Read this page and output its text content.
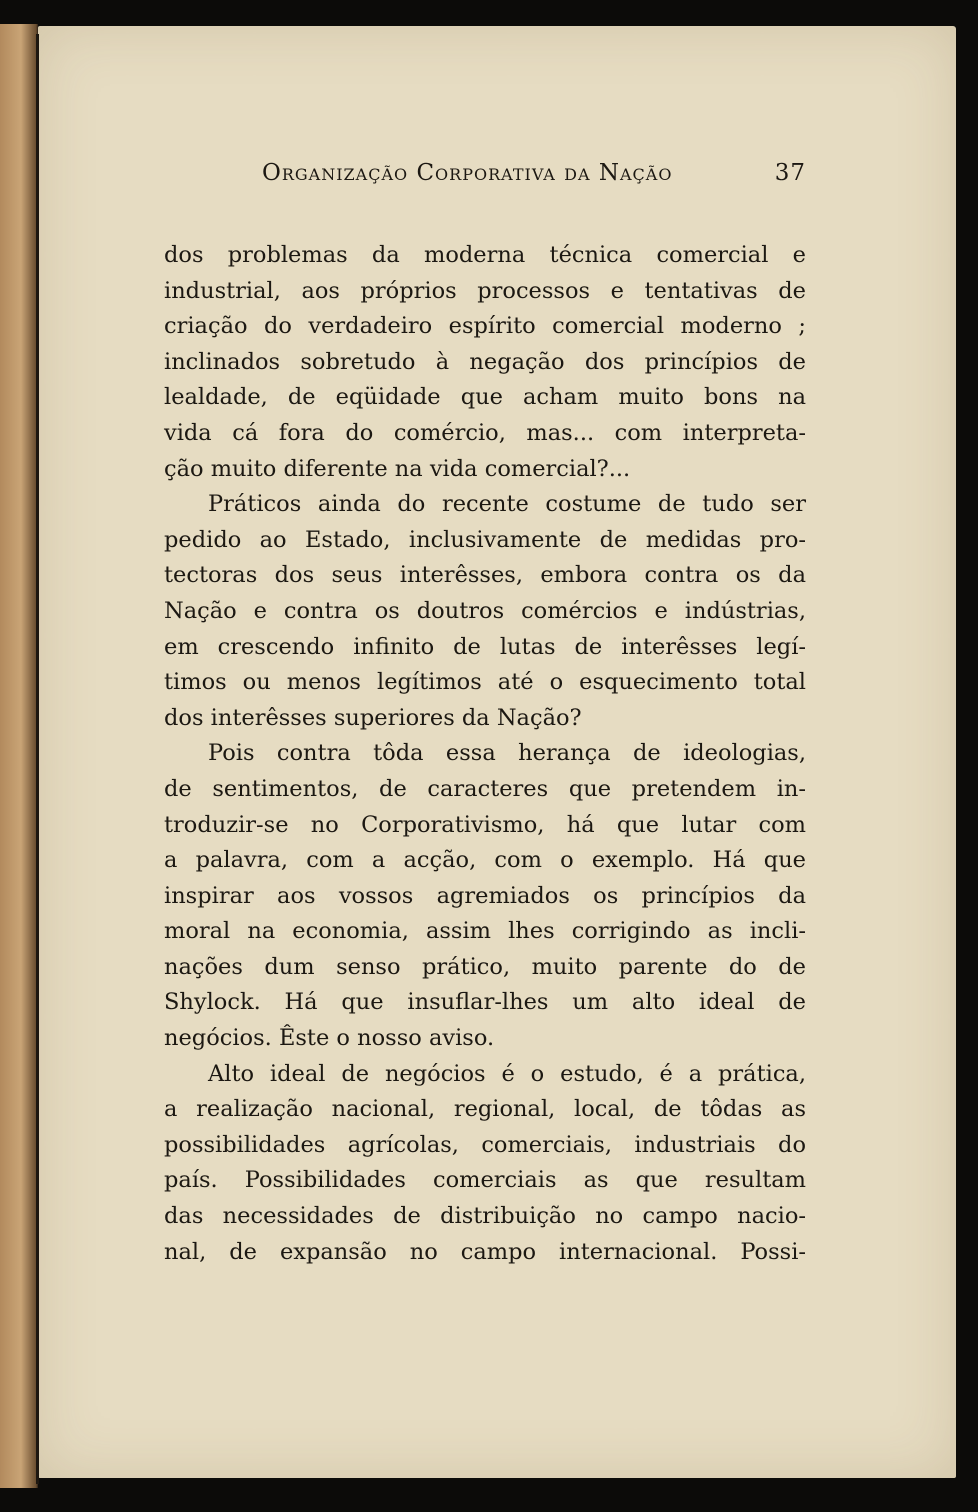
Organização Corporativa da Nação	37
dos problemas da moderna técnica comercial e
industrial, aos próprios processos e tentativas de
criação do verdadeiro espírito comercial moderno ;
inclinados sobretudo à negação dos princípios de
lealdade, de eqüidade que acham muito bons na
vida cá fora do comércio, mas... com interpreta-
ção muito diferente na vida comercial?...
Práticos ainda do recente costume de tudo ser
pedido ao Estado, inclusivamente de medidas pro-
tectoras dos seus interêsses, embora contra os da
Nação e contra os doutros comércios e indústrias,
em crescendo infinito de lutas de interêsses legí-
timos ou menos legítimos até o esquecimento total
dos interêsses superiores da Nação?
Pois contra tôda essa herança de ideologias,
de sentimentos, de caracteres que pretendem in-
troduzir-se no Corporativismo, há que lutar com
a palavra, com a acção, com o exemplo. Há que
inspirar aos vossos agremiados os princípios da
moral na economia, assim lhes corrigindo as incli-
nações dum senso prático, muito parente do de
Shylock. Há que insuflar-lhes um alto ideal de
negócios. Êste o nosso aviso.
Alto ideal de negócios é o estudo, é a prática,
a realização nacional, regional, local, de tôdas as
possibilidades agrícolas, comerciais, industriais do
país. Possibilidades comerciais as que resultam
das necessidades de distribuição no campo nacio-
nal, de expansão no campo internacional. Possi-
